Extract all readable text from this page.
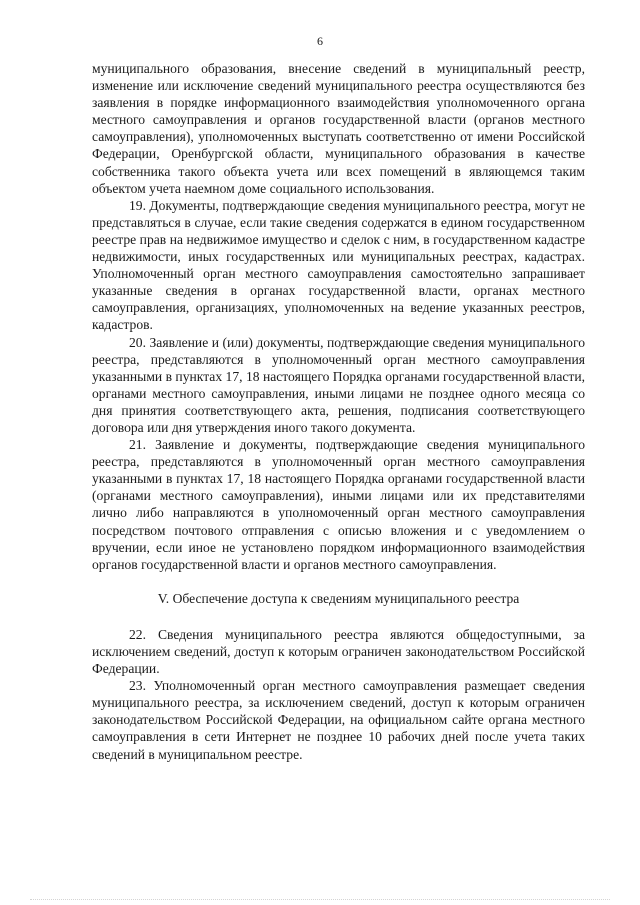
6

муниципального образования, внесение сведений в муниципальный реестр, изменение или исключение сведений муниципального реестра осуществляются без заявления в порядке информационного взаимодействия уполномоченного органа местного самоуправления и органов государственной власти (органов местного самоуправления), уполномоченных выступать соответственно от имени Российской Федерации, Оренбургской области, муниципального образования в качестве собственника такого объекта учета или всех помещений в являющемся таким объектом учета наемном доме социального использования.

19. Документы, подтверждающие сведения муниципального реестра, могут не представляться в случае, если такие сведения содержатся в едином государственном реестре прав на недвижимое имущество и сделок с ним, в государственном кадастре недвижимости, иных государственных или муниципальных реестрах, кадастрах. Уполномоченный орган местного самоуправления самостоятельно запрашивает указанные сведения в органах государственной власти, органах местного самоуправления, организациях, уполномоченных на ведение указанных реестров, кадастров.

20. Заявление и (или) документы, подтверждающие сведения муниципального реестра, представляются в уполномоченный орган местного самоуправления указанными в пунктах 17, 18 настоящего Порядка органами государственной власти, органами местного самоуправления, иными лицами не позднее одного месяца со дня принятия соответствующего акта, решения, подписания соответствующего договора или дня утверждения иного такого документа.

21. Заявление и документы, подтверждающие сведения муниципального реестра, представляются в уполномоченный орган местного самоуправления указанными в пунктах 17, 18 настоящего Порядка органами государственной власти (органами местного самоуправления), иными лицами или их представителями лично либо направляются в уполномоченный орган местного самоуправления посредством почтового отправления с описью вложения и с уведомлением о вручении, если иное не установлено порядком информационного взаимодействия органов государственной власти и органов местного самоуправления.

V. Обеспечение доступа к сведениям муниципального реестра

22. Сведения муниципального реестра являются общедоступными, за исключением сведений, доступ к которым ограничен законодательством Российской Федерации.

23. Уполномоченный орган местного самоуправления размещает сведения муниципального реестра, за исключением сведений, доступ к которым ограничен законодательством Российской Федерации, на официальном сайте органа местного самоуправления в сети Интернет не позднее 10 рабочих дней после учета таких сведений в муниципальном реестре.
